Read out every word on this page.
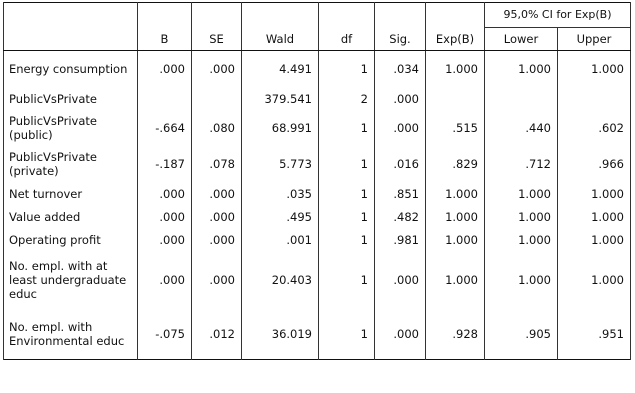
							95,0% CI for Exp(B)	
	B	SE	Wald	df	Sig.	Exp(B)	Lower	Upper
Energy consumption	.000	.000	4.491	1	.034	1.000	1.000	1.000
PublicVsPrivate			379.541	2	.000			
PublicVsPrivate (public)	-.664	.080	68.991	1	.000	.515	.440	.602
PublicVsPrivate (private)	-.187	.078	5.773	1	.016	.829	.712	.966
Net turnover	.000	.000	.035	1	.851	1.000	1.000	1.000
Value added	.000	.000	.495	1	.482	1.000	1.000	1.000
Operating profit	.000	.000	.001	1	.981	1.000	1.000	1.000
No. empl. with at least undergraduate educ	.000	.000	20.403	1	.000	1.000	1.000	1.000
No. empl. with Environmental educ	-.075	.012	36.019	1	.000	.928	.905	.951
